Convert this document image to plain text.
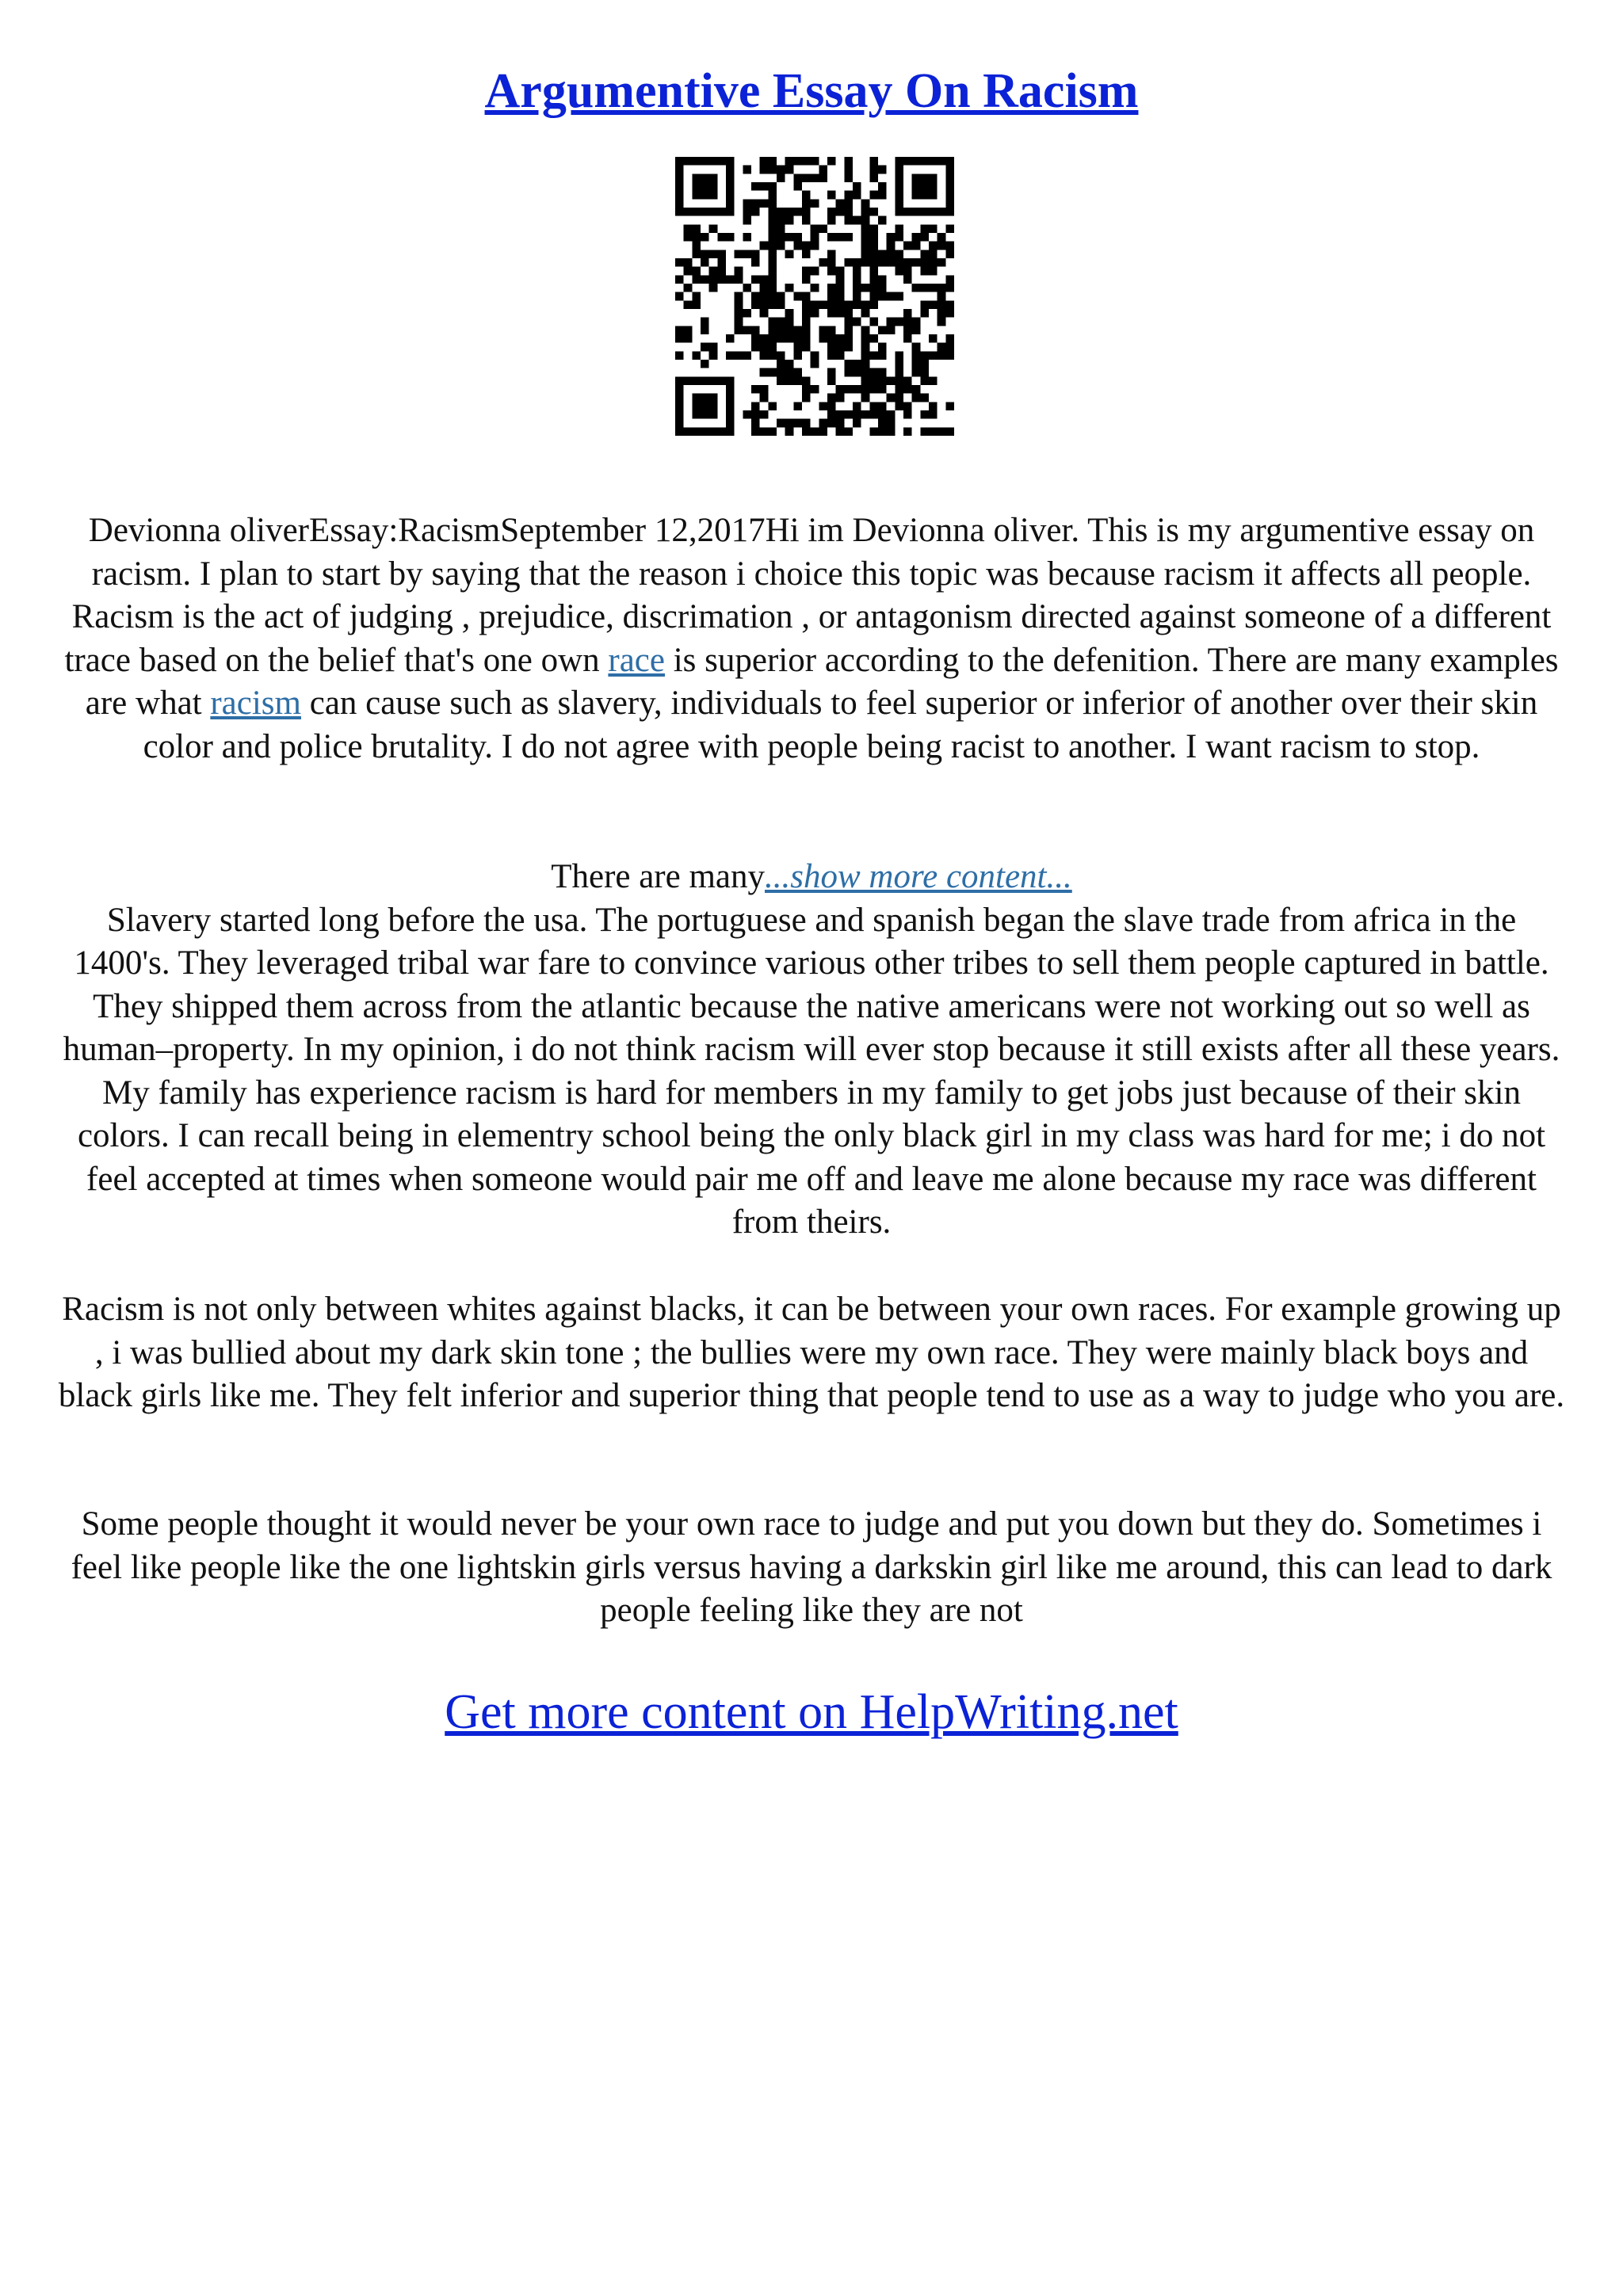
Argumentive Essay On Racism
Devionna oliverEssay:RacismSeptember 12,2017Hi im Devionna oliver. This is my argumentive essay on racism. I plan to start by saying that the reason i choice this topic was because racism it affects all people. Racism is the act of judging , prejudice, discrimation , or antagonism directed against someone of a different trace based on the belief that's one own race is superior according to the defenition. There are many examples are what racism can cause such as slavery, individuals to feel superior or inferior of another over their skin color and police brutality. I do not agree with people being racist to another. I want racism to stop.
There are many...show more content...
Slavery started long before the usa. The portuguese and spanish began the slave trade from africa in the 1400's. They leveraged tribal war fare to convince various other tribes to sell them people captured in battle. They shipped them across from the atlantic because the native americans were not working out so well as human–property. In my opinion, i do not think racism will ever stop because it still exists after all these years. My family has experience racism is hard for members in my family to get jobs just because of their skin colors. I can recall being in elementry school being the only black girl in my class was hard for me; i do not feel accepted at times when someone would pair me off and leave me alone because my race was different from theirs.
Racism is not only between whites against blacks, it can be between your own races. For example growing up , i was bullied about my dark skin tone ; the bullies were my own race. They were mainly black boys and black girls like me. They felt inferior and superior thing that people tend to use as a way to judge who you are.
Some people thought it would never be your own race to judge and put you down but they do. Sometimes i feel like people like the one lightskin girls versus having a darkskin girl like me around, this can lead to dark people feeling like they are not
Get more content on HelpWriting.net
